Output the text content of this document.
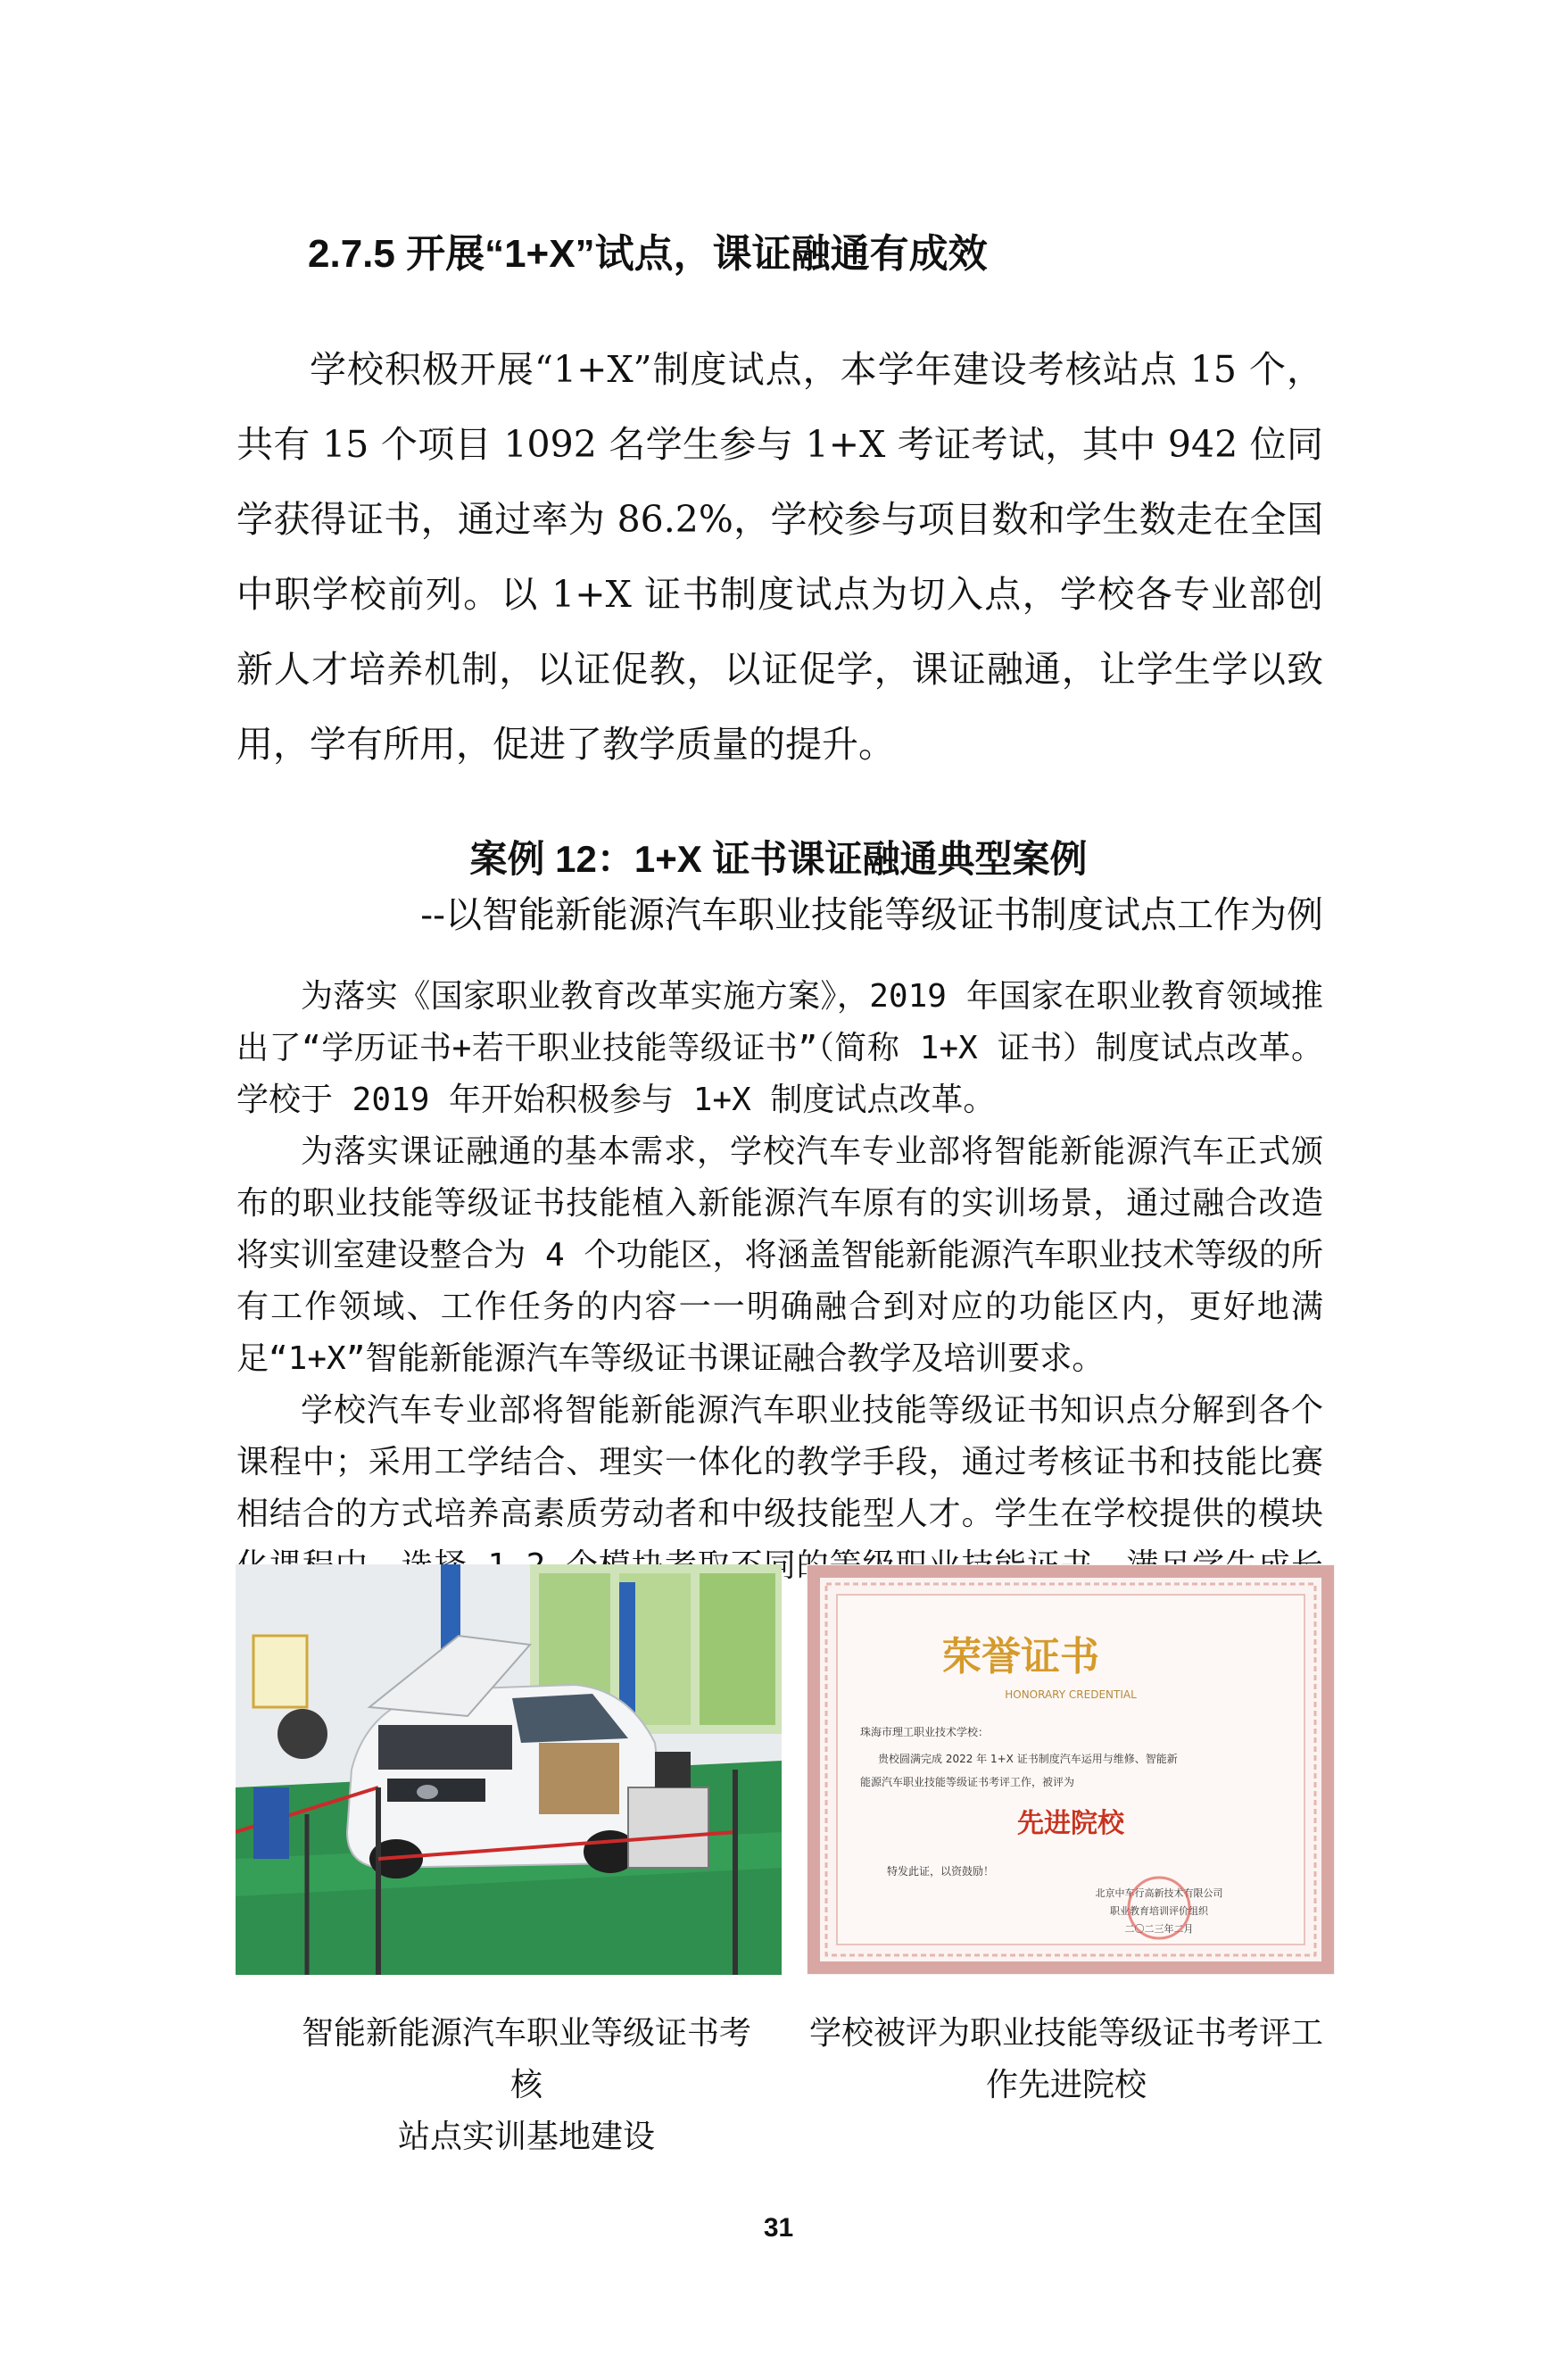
2.7.5 开展“1+X”试点，课证融通有成效
学校积极开展“1+X”制度试点，本学年建设考核站点 15 个，共有 15 个项目 1092 名学生参与 1+X 考证考试，其中 942 位同学获得证书，通过率为 86.2%，学校参与项目数和学生数走在全国中职学校前列。以 1+X 证书制度试点为切入点，学校各专业部创新人才培养机制，以证促教，以证促学，课证融通，让学生学以致用，学有所用，促进了教学质量的提升。
案例 12：1+X 证书课证融通典型案例
--以智能新能源汽车职业技能等级证书制度试点工作为例

为落实《国家职业教育改革实施方案》，2019 年国家在职业教育领域推出了“学历证书+若干职业技能等级证书”（简称 1+X 证书）制度试点改革。学校于 2019 年开始积极参与 1+X 制度试点改革。

为落实课证融通的基本需求，学校汽车专业部将智能新能源汽车正式颁布的职业技能等级证书技能植入新能源汽车原有的实训场景，通过融合改造将实训室建设整合为 4 个功能区，将涵盖智能新能源汽车职业技术等级的所有工作领域、工作任务的内容一一明确融合到对应的功能区内，更好地满足“1+X”智能新能源汽车等级证书课证融合教学及培训要求。

学校汽车专业部将智能新能源汽车职业技能等级证书知识点分解到各个课程中；采用工学结合、理实一体化的教学手段，通过考核证书和技能比赛相结合的方式培养高素质劳动者和中级技能型人才。学生在学校提供的模块

荣誉证书
HONORARY CREDENTIAL
珠海市理工职业技术学校：
贵校圆满完成 2022 年 1+X 证书制度汽车运用与维修、智能新
能源汽车职业技能等级证书考评工作，被评为
先进院校
特发此证，以资鼓励！
北京中车行高新技术有限公司
职业教育培训评价组织
二〇二三年二月
智能新能源汽车职业等级证书考核
站点实训基地建设
学校被评为职业技能等级证书考评工
作先进院校
31
